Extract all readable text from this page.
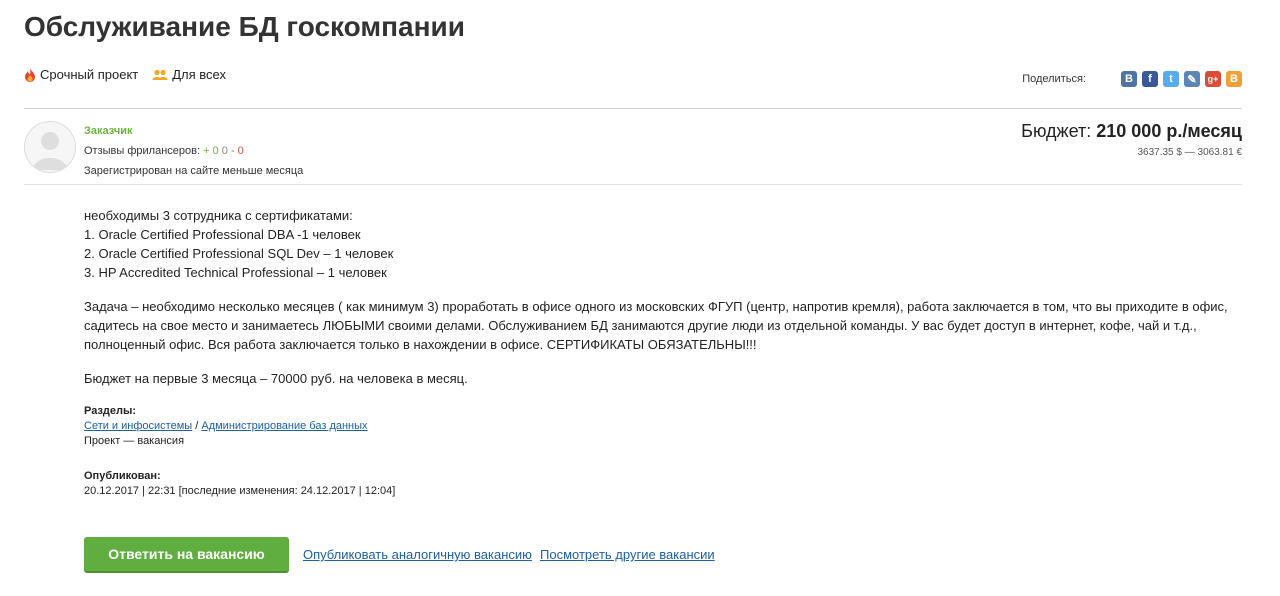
Обслуживание БД госкомпании
Срочный проект	Для всех	Поделиться:	B	f	t	✎	g+	B
Заказчик
Отзывы фрилансеров: + 0 0 - 0
Зарегистрирован на сайте меньше месяца
Бюджет: 210 000 р./месяц
3637.35 $ — 3063.81 €

необходимы 3 сотрудника с сертификатами:
1. Oracle Certified Professional DBA -1 человек
2. Oracle Certified Professional SQL Dev – 1 человек
3. HP Accredited Technical Professional – 1 человек

Задача – необходимо несколько месяцев ( как минимум 3) проработать в офисе одного из московских ФГУП (центр, напротив кремля), работа заключается в том, что вы приходите в офис,
садитесь на свое место и занимаетесь ЛЮБЫМИ своими делами. Обслуживанием БД занимаются другие люди из отдельной команды. У вас будет доступ в интернет, кофе, чай и т.д.,
полноценный офис. Вся работа заключается только в нахождении в офисе. СЕРТИФИКАТЫ ОБЯЗАТЕЛЬНЫ!!!

Бюджет на первые 3 месяца – 70000 руб. на человека в месяц.

Разделы:
Сети и инфосистемы / Администрирование баз данных
Проект — вакансия
Опубликован:
20.12.2017 | 22:31 [последние изменения: 24.12.2017 | 12:04]
Ответить на вакансию	Опубликовать аналогичную вакансию Посмотреть другие вакансии
